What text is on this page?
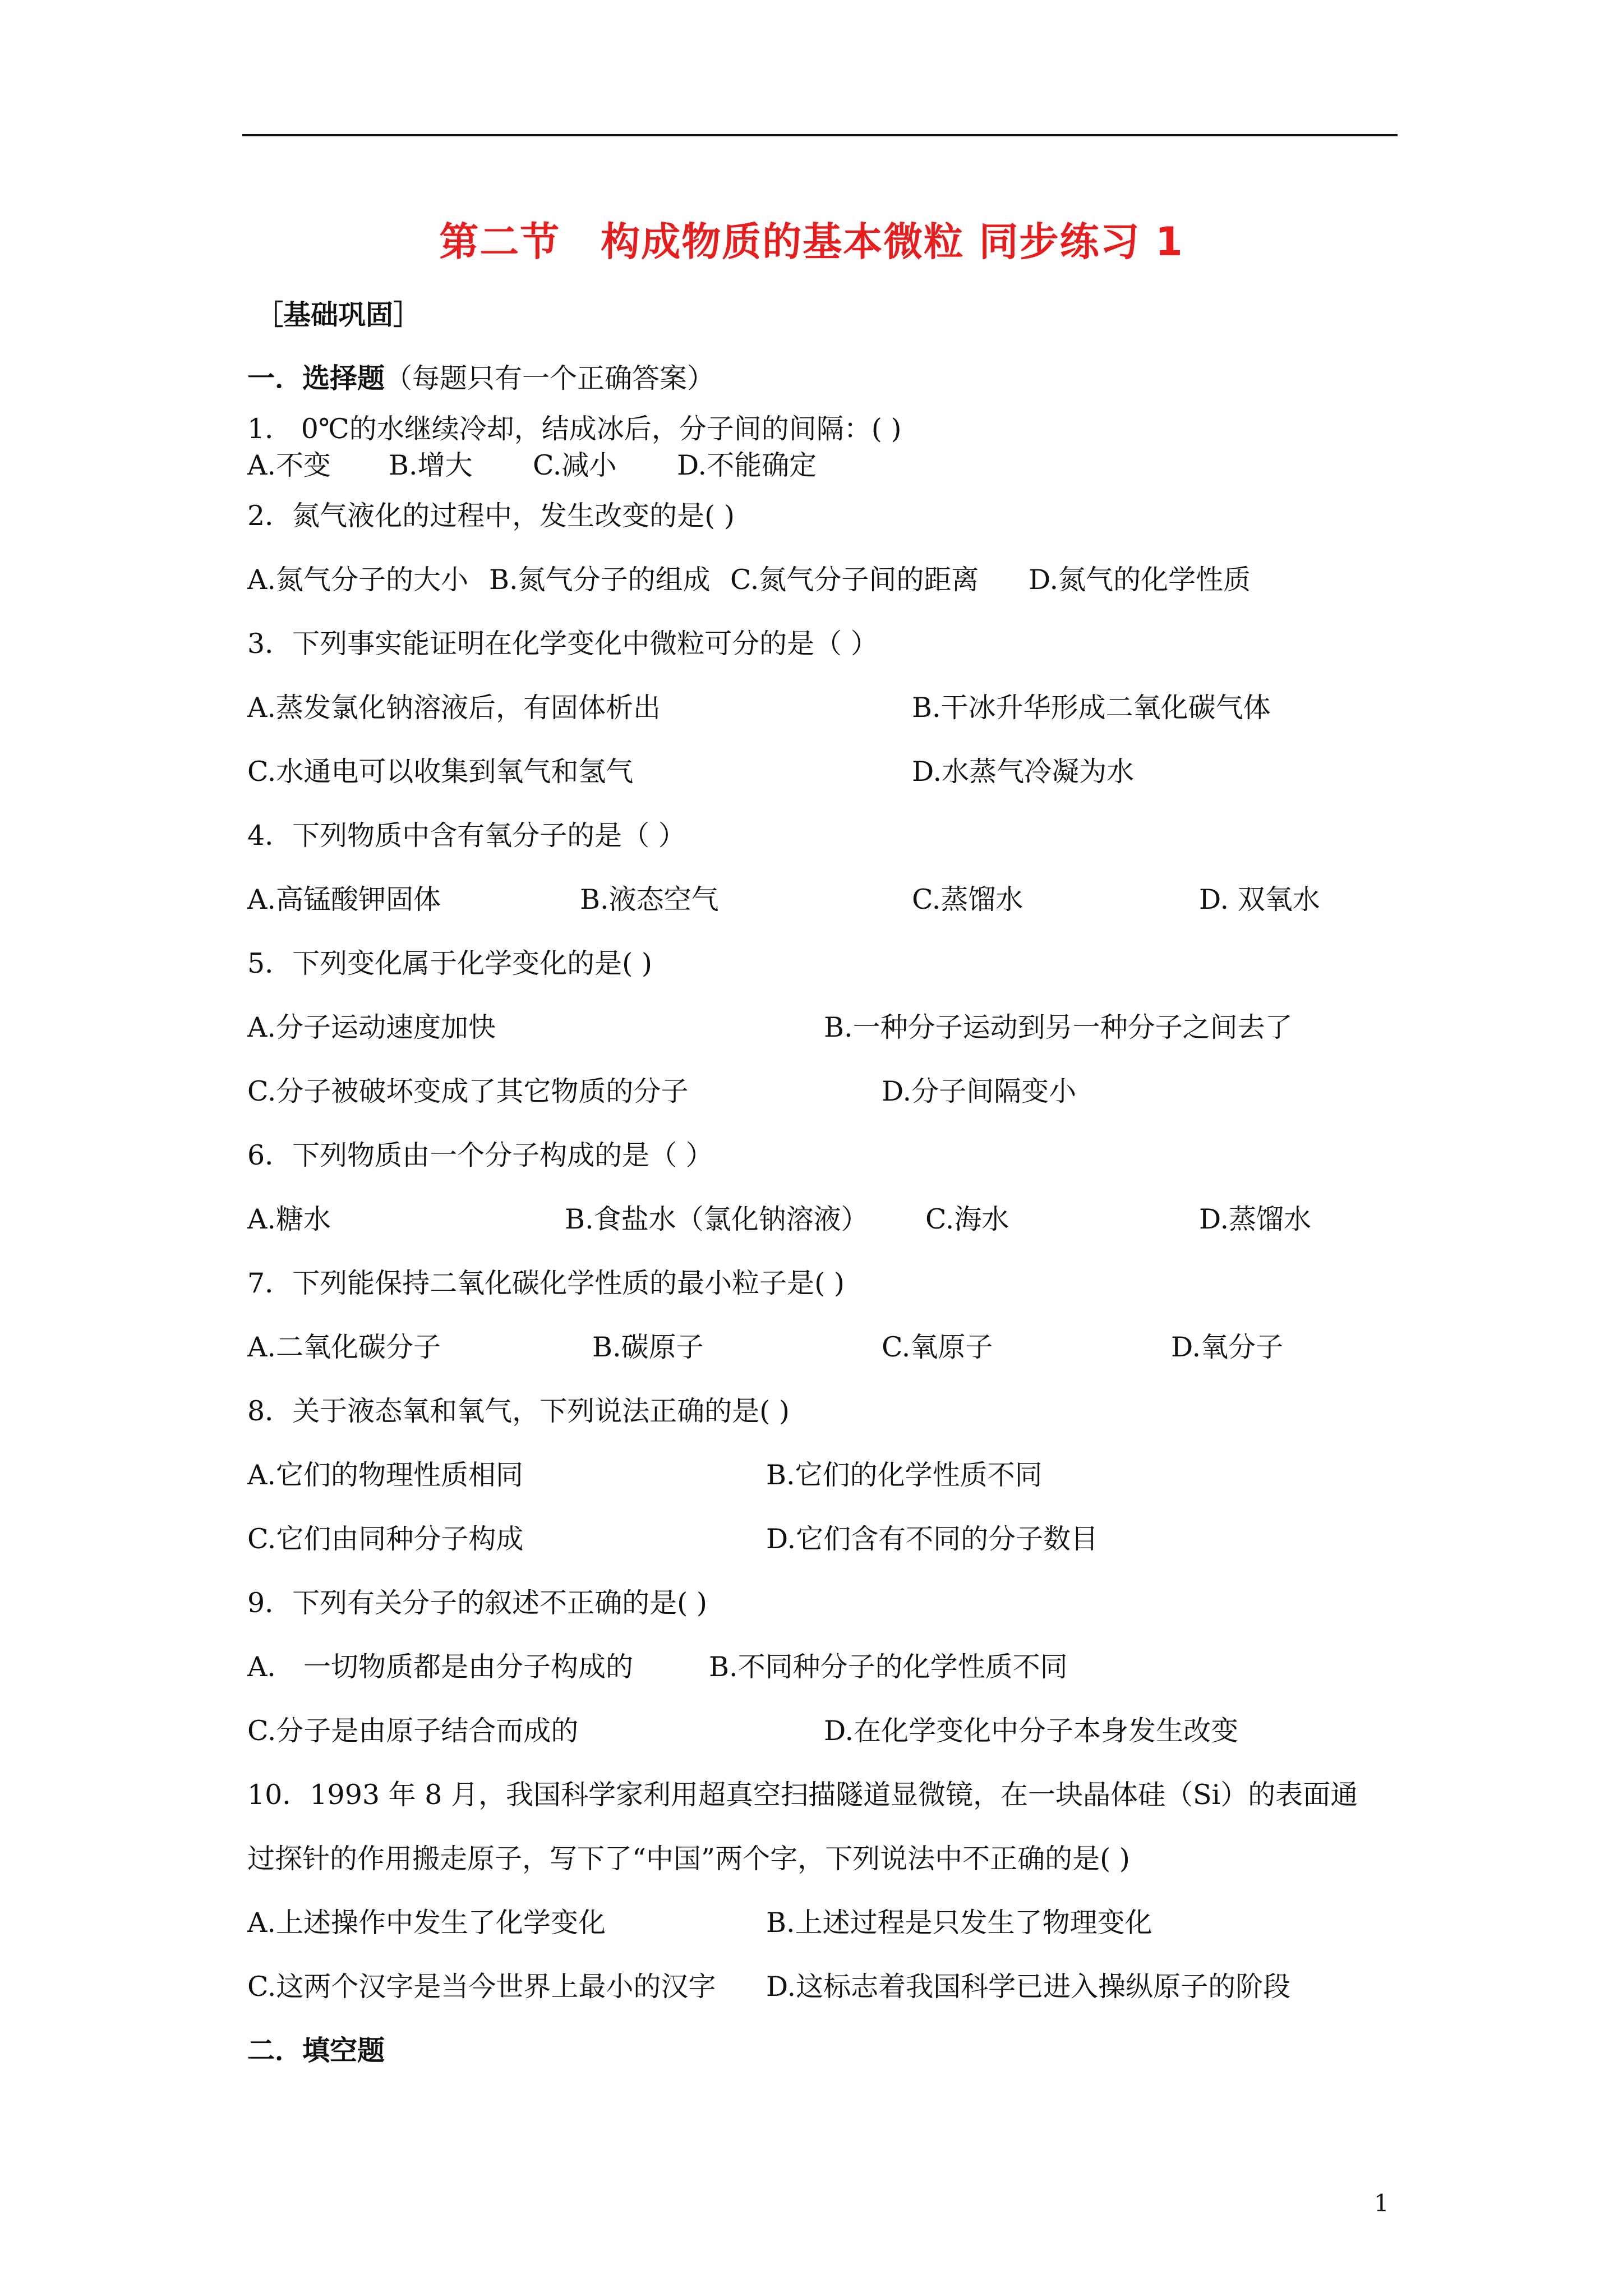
第二节　构成物质的基本微粒 同步练习 1
［基础巩固］
一．选择题（每题只有一个正确答案）
1． 0℃的水继续冷却，结成冰后，分子间的间隔：( )
A.不变 B.增大 C.减小 D.不能确定
2．氮气液化的过程中，发生改变的是( )
A.氮气分子的大小 B.氮气分子的组成 C.氮气分子间的距离 D.氮气的化学性质
3．下列事实能证明在化学变化中微粒可分的是（ ）
A.蒸发氯化钠溶液后，有固体析出	B.干冰升华形成二氧化碳气体
C.水通电可以收集到氧气和氢气	D.水蒸气冷凝为水
4．下列物质中含有氧分子的是（ ）
A.高锰酸钾固体	B.液态空气	C.蒸馏水	D. 双氧水
5．下列变化属于化学变化的是( )
A.分子运动速度加快	B.一种分子运动到另一种分子之间去了
C.分子被破坏变成了其它物质的分子	D.分子间隔变小
6．下列物质由一个分子构成的是（ ）
A.糖水	B.食盐水（氯化钠溶液） C.海水	D.蒸馏水
7．下列能保持二氧化碳化学性质的最小粒子是( )
A.二氧化碳分子	B.碳原子	C.氧原子	D.氧分子
8．关于液态氧和氧气，下列说法正确的是( )
A.它们的物理性质相同	B.它们的化学性质不同
C.它们由同种分子构成	D.它们含有不同的分子数目
9．下列有关分子的叙述不正确的是( )
A． 一切物质都是由分子构成的	B.不同种分子的化学性质不同
C.分子是由原子结合而成的	D.在化学变化中分子本身发生改变
10．1993 年 8 月，我国科学家利用超真空扫描隧道显微镜，在一块晶体硅（Si）的表面通
过探针的作用搬走原子，写下了“中国”两个字，下列说法中不正确的是( )
A.上述操作中发生了化学变化	B.上述过程是只发生了物理变化
C.这两个汉字是当今世界上最小的汉字 D.这标志着我国科学已进入操纵原子的阶段
二．填空题
1
